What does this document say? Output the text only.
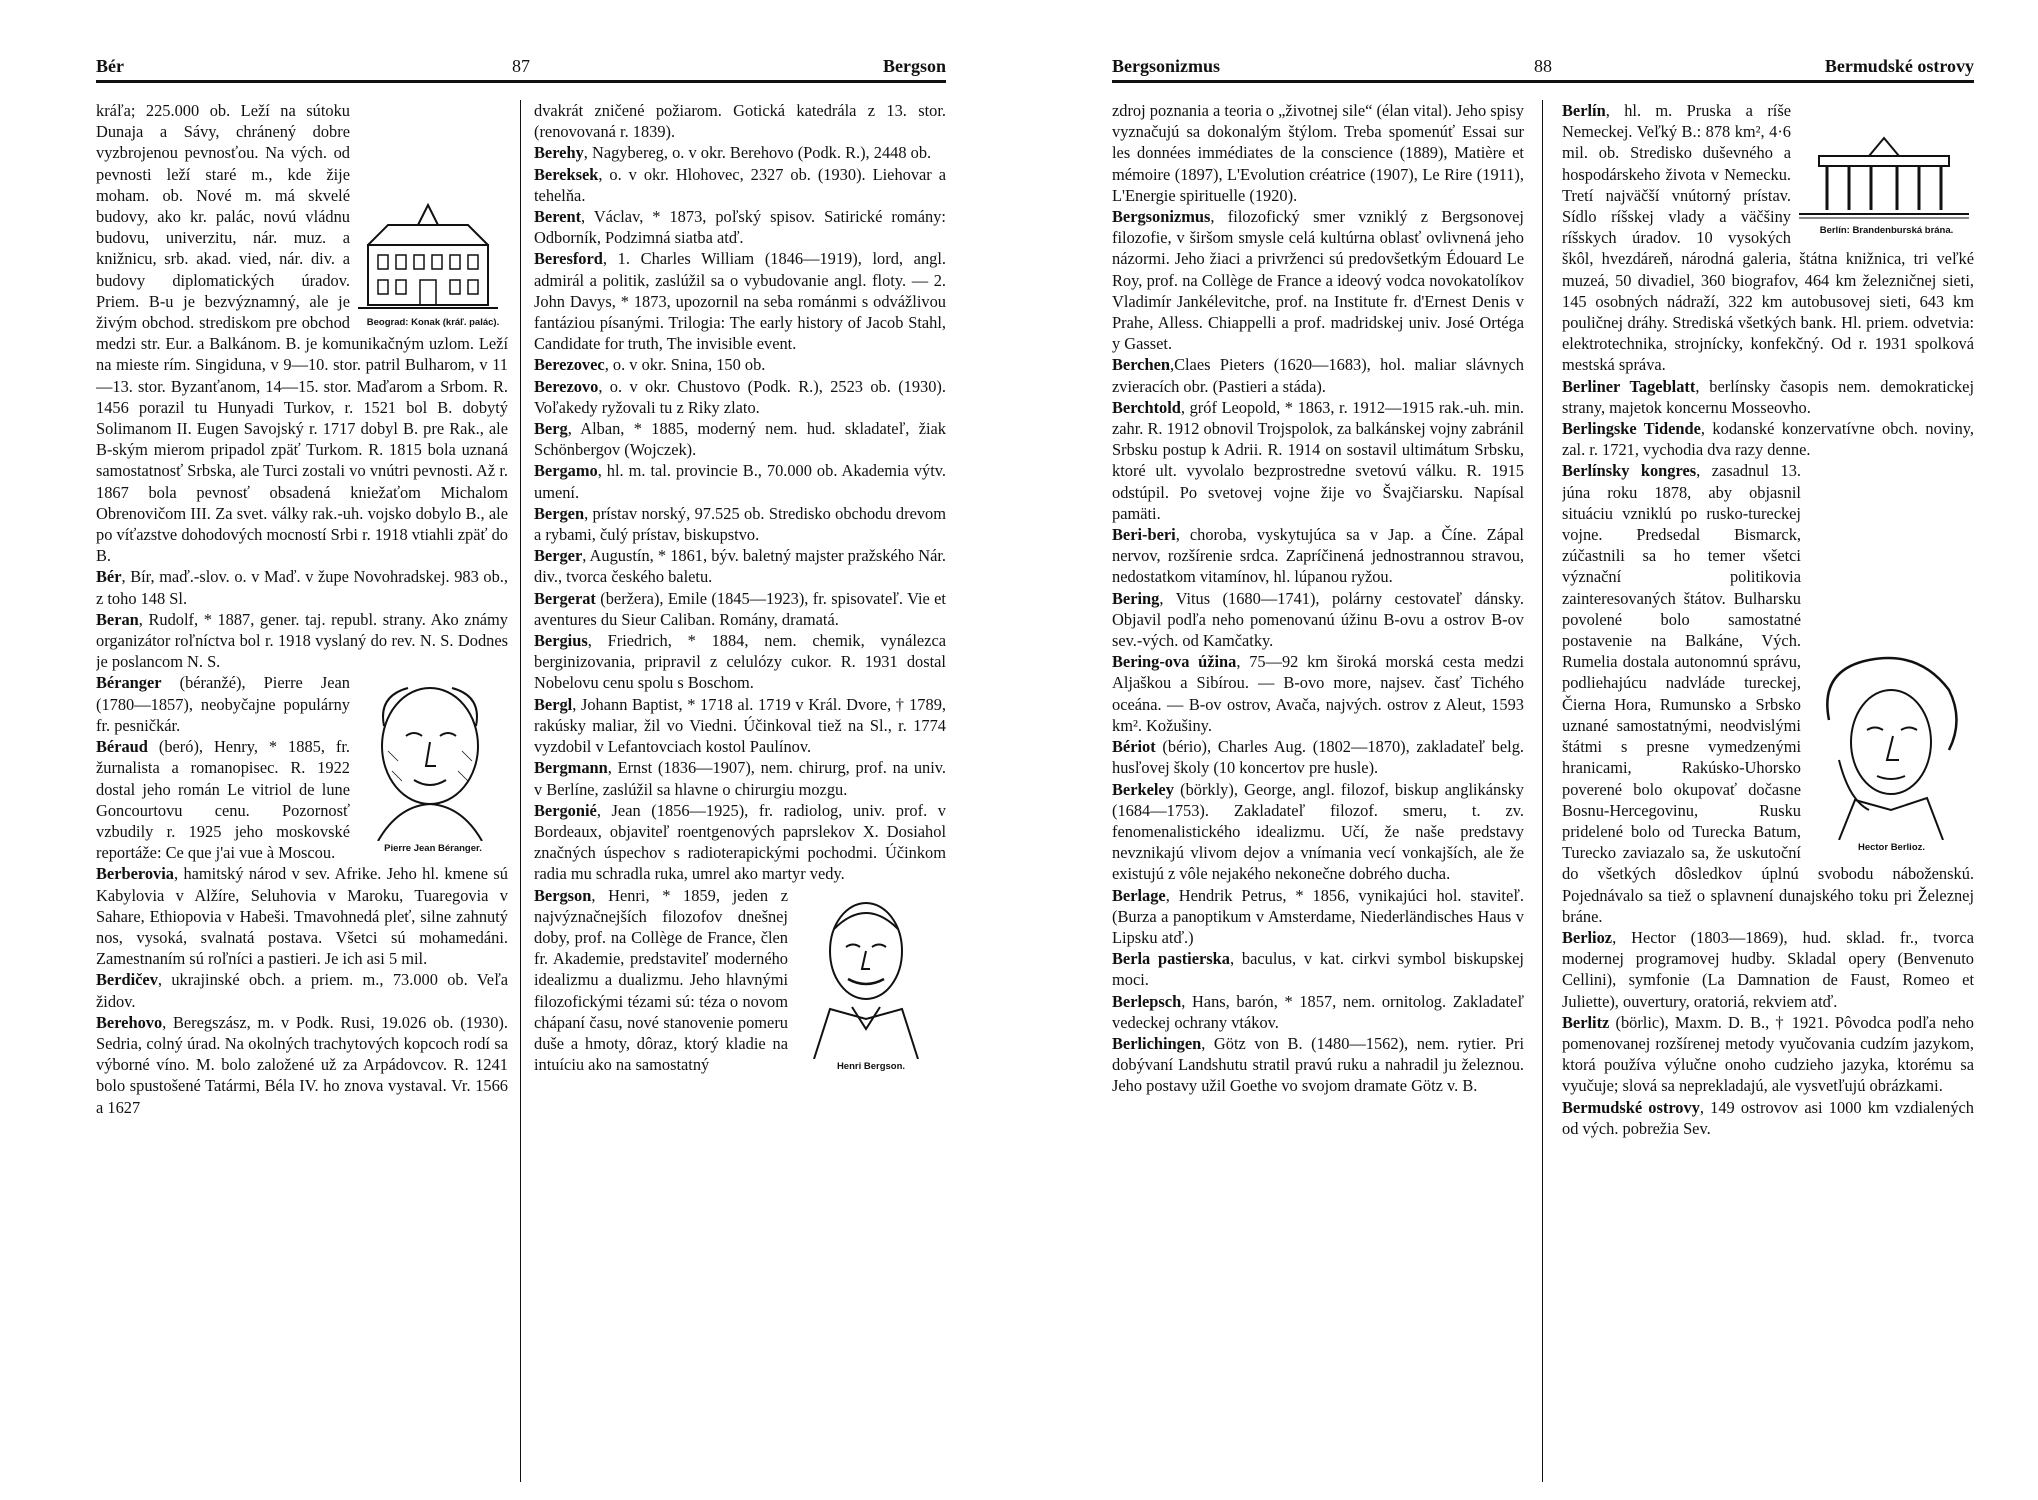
Bér	87	Bergson
Beograd: Konak (kráľ. palác).

kráľa; 225.000 ob. Leží na sútoku Dunaja a Sávy, chránený dobre vyzbrojenou pevnosťou. Na vých. od pevnosti leží staré m., kde žije moham. ob. Nové m. má skvelé budovy, ako kr. palác, novú vládnu budovu, univerzitu, nár. muz. a knižnicu, srb. akad. vied, nár. div. a budovy diplomatických úradov. Priem. B-u je bezvýznamný, ale je živým obchod. strediskom pre obchod medzi str. Eur. a Balkánom. B. je komunikačným uzlom. Leží na mieste rím. Singiduna, v 9—10. stor. patril Bulharom, v 11—13. stor. Byzanťanom, 14—15. stor. Maďarom a Srbom. R. 1456 porazil tu Hunyadi Turkov, r. 1521 bol B. dobytý Solimanom II. Eugen Savojský r. 1717 dobyl B. pre Rak., ale B-ským mierom pripadol zpäť Turkom. R. 1815 bola uznaná samostatnosť Srbska, ale Turci zostali vo vnútri pevnosti. Až r. 1867 bola pevnosť obsadená kniežaťom Michalom Obrenovičom III. Za svet. války rak.-uh. vojsko dobylo B., ale po víťazstve dohodových mocností Srbi r. 1918 vtiahli zpäť do B.

Bér, Bír, maď.-slov. o. v Maď. v župe Novohradskej. 983 ob., z toho 148 Sl.

Beran, Rudolf, * 1887, gener. taj. republ. strany. Ako známy organizátor roľníctva bol r. 1918 vyslaný do rev. N. S. Dodnes je poslancom N. S.

Pierre Jean Béranger.

Béranger (béranžé), Pierre Jean (1780—1857), neobyčajne populárny fr. pesničkár.

Béraud (beró), Henry, * 1885, fr. žurnalista a romanopisec. R. 1922 dostal jeho román Le vitriol de lune Goncourtovu cenu. Pozornosť vzbudily r. 1925 jeho moskovské reportáže: Ce que j'ai vue à Moscou.

Berberovia, hamitský národ v sev. Afrike. Jeho hl. kmene sú Kabylovia v Alžíre, Seluhovia v Maroku, Tuaregovia v Sahare, Ethiopovia v Habeši. Tmavohnedá pleť, silne zahnutý nos, vysoká, svalnatá postava. Všetci sú mohamedáni. Zamestnaním sú roľníci a pastieri. Je ich asi 5 mil.

Berdičev, ukrajinské obch. a priem. m., 73.000 ob. Veľa židov.

Berehovo, Beregszász, m. v Podk. Rusi, 19.026 ob. (1930). Sedria, colný úrad. Na okolných trachytových kopcoch rodí sa výborné víno. M. bolo založené už za Arpádovcov. R. 1241 bolo spustošené Tatármi, Béla IV. ho znova vystaval. Vr. 1566 a 1627

dvakrát zničené požiarom. Gotická katedrála z 13. stor. (renovovaná r. 1839).

Berehy, Nagybereg, o. v okr. Berehovo (Podk. R.), 2448 ob.

Bereksek, o. v okr. Hlohovec, 2327 ob. (1930). Liehovar a tehelňa.

Berent, Václav, * 1873, poľský spisov. Satirické romány: Odborník, Podzimná siatba atď.

Beresford, 1. Charles William (1846—1919), lord, angl. admirál a politik, zaslúžil sa o vybudovanie angl. floty. — 2. John Davys, * 1873, upozornil na seba románmi s odvážlivou fantáziou písanými. Trilogia: The early history of Jacob Stahl, Candidate for truth, The invisible event.

Berezovec, o. v okr. Snina, 150 ob.

Berezovo, o. v okr. Chustovo (Podk. R.), 2523 ob. (1930). Voľakedy ryžovali tu z Riky zlato.

Berg, Alban, * 1885, moderný nem. hud. skladateľ, žiak Schönbergov (Wojczek).

Bergamo, hl. m. tal. provincie B., 70.000 ob. Akademia výtv. umení.

Bergen, prístav norský, 97.525 ob. Stredisko obchodu drevom a rybami, čulý prístav, biskupstvo.

Berger, Augustín, * 1861, býv. baletný majster pražského Nár. div., tvorca českého baletu.

Bergerat (beržera), Emile (1845—1923), fr. spisovateľ. Vie et aventures du Sieur Caliban. Romány, dramatá.

Bergius, Friedrich, * 1884, nem. chemik, vynálezca berginizovania, pripravil z celulózy cukor. R. 1931 dostal Nobelovu cenu spolu s Boschom.

Bergl, Johann Baptist, * 1718 al. 1719 v Král. Dvore, † 1789, rakúsky maliar, žil vo Viedni. Účinkoval tiež na Sl., r. 1774 vyzdobil v Lefantovciach kostol Paulínov.

Bergmann, Ernst (1836—1907), nem. chirurg, prof. na univ. v Berlíne, zaslúžil sa hlavne o chirurgiu mozgu.

Bergonié, Jean (1856—1925), fr. radiolog, univ. prof. v Bordeaux, objaviteľ roentgenových paprslekov X. Dosiahol značných úspechov s radioterapickými pochodmi. Účinkom radia mu schradla ruka, umrel ako martyr vedy.

Henri Bergson.

Bergson, Henri, * 1859, jeden z najvýznačnejších filozofov dnešnej doby, prof. na Collège de France, člen fr. Akademie, predstaviteľ moderného idealizmu a dualizmu. Jeho hlavnými filozofickými tézami sú: téza o novom chápaní času, nové stanovenie pomeru duše a hmoty, dôraz, ktorý kladie na intuíciu ako na samostatný

Bergsonizmus	88	Bermudské ostrovy

zdroj poznania a teoria o „životnej sile“ (élan vital). Jeho spisy vyznačujú sa dokonalým štýlom. Treba spomenúť Essai sur les données immédiates de la conscience (1889), Matière et mémoire (1897), L'Evolution créatrice (1907), Le Rire (1911), L'Energie spirituelle (1920).

Bergsonizmus, filozofický smer vzniklý z Bergsonovej filozofie, v širšom smysle celá kultúrna oblasť ovlivnená jeho názormi. Jeho žiaci a privrženci sú predovšetkým Édouard Le Roy, prof. na Collège de France a ideový vodca novokatolíkov Vladimír Jankélevitche, prof. na Institute fr. d'Ernest Denis v Prahe, Alless. Chiappelli a prof. madridskej univ. José Ortéga y Gasset.

Berchen,Claes Pieters (1620—1683), hol. maliar slávnych zvieracích obr. (Pastieri a stáda).

Berchtold, gróf Leopold, * 1863, r. 1912—1915 rak.-uh. min. zahr. R. 1912 obnovil Trojspolok, za balkánskej vojny zabránil Srbsku postup k Adrii. R. 1914 on sostavil ultimátum Srbsku, ktoré ult. vyvolalo bezprostredne svetovú válku. R. 1915 odstúpil. Po svetovej vojne žije vo Švajčiarsku. Napísal pamäti.

Beri-beri, choroba, vyskytujúca sa v Jap. a Číne. Zápal nervov, rozšírenie srdca. Zapríčinená jednostrannou stravou, nedostatkom vitamínov, hl. lúpanou ryžou.

Bering, Vitus (1680—1741), polárny cestovateľ dánsky. Objavil podľa neho pomenovanú úžinu B-ovu a ostrov B-ov sev.-vých. od Kamčatky.

Bering-ova úžina, 75—92 km široká morská cesta medzi Aljaškou a Sibírou. — B-ovo more, najsev. časť Tichého oceána. — B-ov ostrov, Avača, najvých. ostrov z Aleut, 1593 km². Kožušiny.

Bériot (bério), Charles Aug. (1802—1870), zakladateľ belg. husľovej školy (10 koncertov pre husle).

Berkeley (börkly), George, angl. filozof, biskup anglikánsky (1684—1753). Zakladateľ filozof. smeru, t. zv. fenomenalistického idealizmu. Učí, že naše predstavy nevznikajú vlivom dejov a vnímania vecí vonkajších, ale že existujú z vôle nejakého nekonečne dobrého ducha.

Berlage, Hendrik Petrus, * 1856, vynikajúci hol. staviteľ. (Burza a panoptikum v Amsterdame, Niederländisches Haus v Lipsku atď.)

Berla pastierska, baculus, v kat. cirkvi symbol biskupskej moci.

Berlepsch, Hans, barón, * 1857, nem. ornitolog. Zakladateľ vedeckej ochrany vtákov.

Berlichingen, Götz von B. (1480—1562), nem. rytier. Pri dobývaní Landshutu stratil pravú ruku a nahradil ju železnou. Jeho postavy užil Goethe vo svojom dramate Götz v. B.

Berlín: Brandenburská brána.

Berlín, hl. m. Pruska a ríše Nemeckej. Veľký B.: 878 km², 4·6 mil. ob. Stredisko duševného a hospodárskeho života v Nemecku. Tretí najväčší vnútorný prístav. Sídlo ríšskej vlady a väčšiny ríšskych úradov. 10 vysokých škôl, hvezdáreň, národná galeria, štátna knižnica, tri veľké muzeá, 50 divadiel, 360 biografov, 464 km železničnej sieti, 145 osobných nádraží, 322 km autobusovej sieti, 643 km pouličnej dráhy. Strediská všetkých bank. Hl. priem. odvetvia: elektrotechnika, strojnícky, konfekčný. Od r. 1931 spolková mestská správa.

Berliner Tageblatt, berlínsky časopis nem. demokratickej strany, majetok koncernu Mosseovho.

Berlingske Tidende, kodanské konzervatívne obch. noviny, zal. r. 1721, vychodia dva razy denne.

Hector Berlioz.

Berlínsky kongres, zasadnul 13. júna roku 1878, aby objasnil situáciu vzniklú po rusko-tureckej vojne. Predsedal Bismarck, zúčastnili sa ho temer všetci význační politikovia zainteresovaných štátov. Bulharsku povolené bolo samostatné postavenie na Balkáne, Vých. Rumelia dostala autonomnú správu, podliehajúcu nadvláde tureckej, Čierna Hora, Rumunsko a Srbsko uznané samostatnými, neodvislými štátmi s presne vymedzenými hranicami, Rakúsko-Uhorsko poverené bolo okupovať dočasne Bosnu-Hercegovinu, Rusku pridelené bolo od Turecka Batum, Turecko zaviazalo sa, že uskutoční do všetkých dôsledkov úplnú svobodu náboženskú. Pojednávalo sa tiež o splavnení dunajského toku pri Železnej bráne.

Berlioz, Hector (1803—1869), hud. sklad. fr., tvorca modernej programovej hudby. Skladal opery (Benvenuto Cellini), symfonie (La Damnation de Faust, Romeo et Juliette), ouvertury, oratoriá, rekviem atď.

Berlitz (börlic), Maxm. D. B., † 1921. Pôvodca podľa neho pomenovanej rozšírenej metody vyučovania cudzím jazykom, ktorá používa výlučne onoho cudzieho jazyka, ktorému sa vyučuje; slová sa neprekladajú, ale vysvetľujú obrázkami.

Bermudské ostrovy, 149 ostrovov asi 1000 km vzdialených od vých. pobrežia Sev.
